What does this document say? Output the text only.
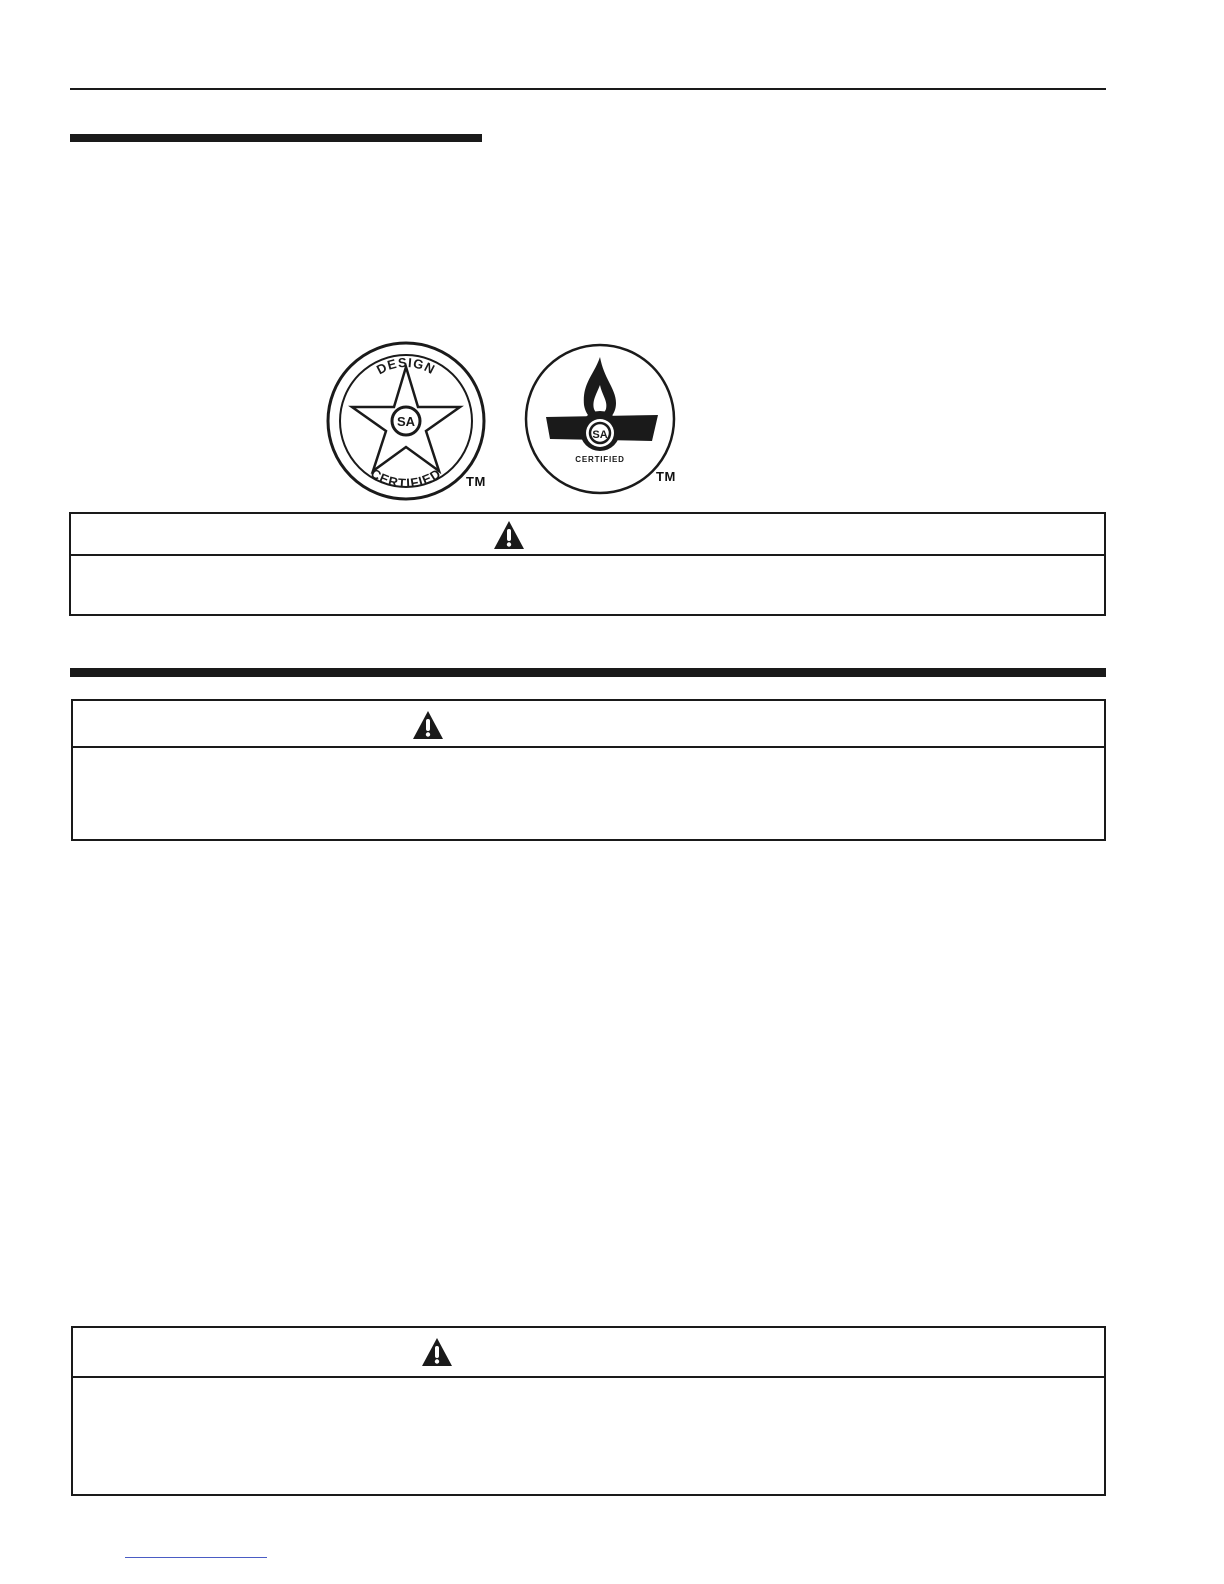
SA
DESIGN
CERTIFIED TM
SA
CERTIFIED
TM
